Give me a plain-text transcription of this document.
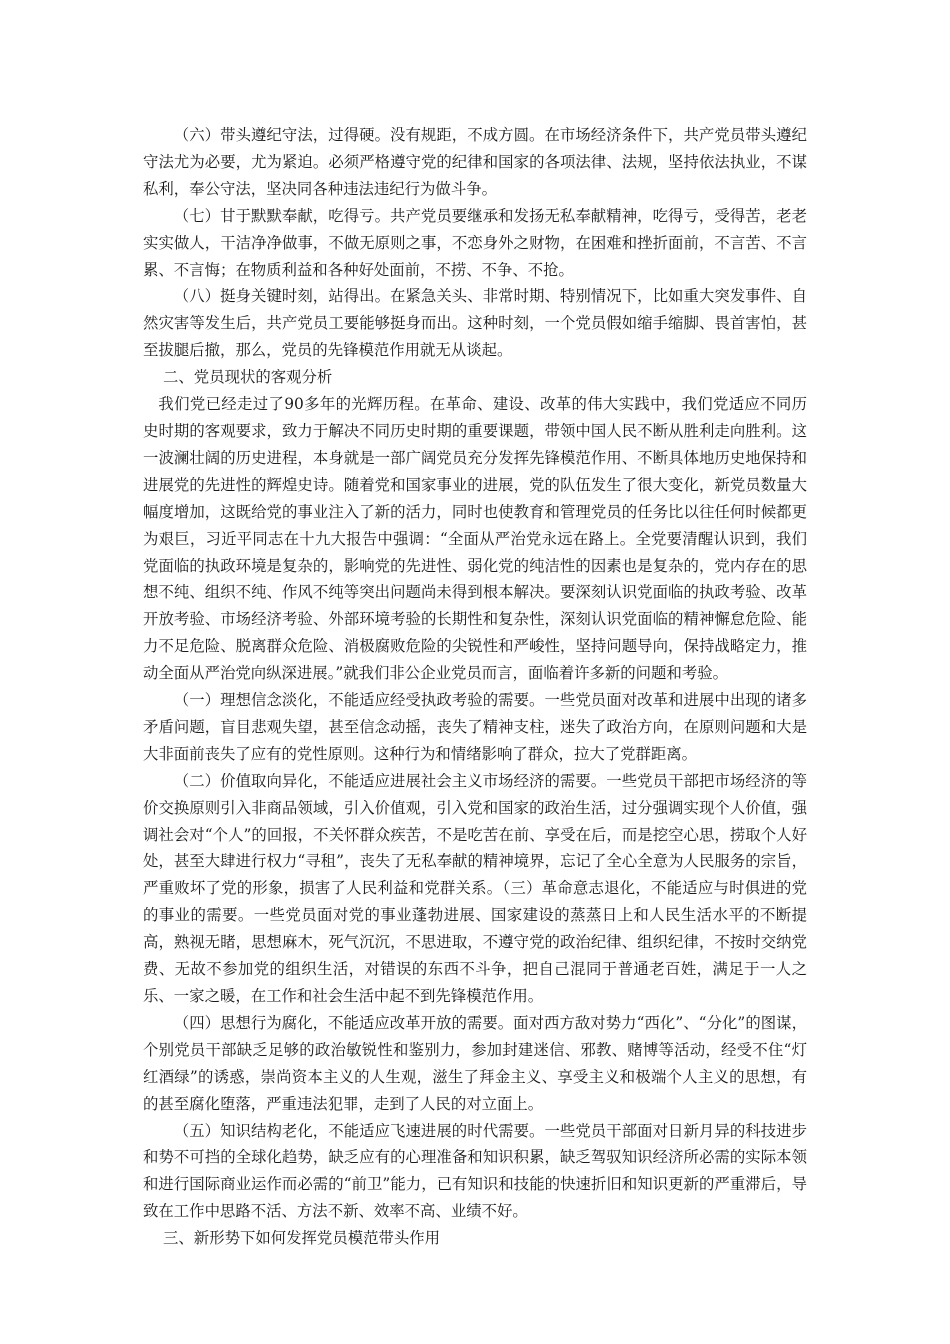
（六）带头遵纪守法，过得硬。没有规距，不成方圆。在市场经济条件下，共产党员带头遵纪守法尤为必要，尤为紧迫。必须严格遵守党的纪律和国家的各项法律、法规，坚持依法执业，不谋私利，奉公守法，坚决同各种违法违纪行为做斗争。

（七）甘于默默奉献，吃得亏。共产党员要继承和发扬无私奉献精神，吃得亏，受得苦，老老实实做人，干洁净净做事，不做无原则之事，不恋身外之财物，在困难和挫折面前，不言苦、不言累、不言悔；在物质利益和各种好处面前，不捞、不争、不抢。

（八）挺身关键时刻，站得出。在紧急关头、非常时期、特别情况下，比如重大突发事件、自然灾害等发生后，共产党员工要能够挺身而出。这种时刻，一个党员假如缩手缩脚、畏首害怕，甚至拔腿后撤，那么，党员的先锋模范作用就无从谈起。

二、党员现状的客观分析

我们党已经走过了90多年的光辉历程。在革命、建设、改革的伟大实践中，我们党适应不同历史时期的客观要求，致力于解决不同历史时期的重要课题，带领中国人民不断从胜利走向胜利。这一波澜壮阔的历史进程，本身就是一部广阔党员充分发挥先锋模范作用、不断具体地历史地保持和进展党的先进性的辉煌史诗。随着党和国家事业的进展，党的队伍发生了很大变化，新党员数量大幅度增加，这既给党的事业注入了新的活力，同时也使教育和管理党员的任务比以往任何时候都更为艰巨，习近平同志在十九大报告中强调：“全面从严治党永远在路上。全党要清醒认识到，我们党面临的执政环境是复杂的，影响党的先进性、弱化党的纯洁性的因素也是复杂的，党内存在的思想不纯、组织不纯、作风不纯等突出问题尚未得到根本解决。要深刻认识党面临的执政考验、改革开放考验、市场经济考验、外部环境考验的长期性和复杂性，深刻认识党面临的精神懈怠危险、能力不足危险、脱离群众危险、消极腐败危险的尖锐性和严峻性，坚持问题导向，保持战略定力，推动全面从严治党向纵深进展。”就我们非公企业党员而言，面临着许多新的问题和考验。

（一）理想信念淡化，不能适应经受执政考验的需要。一些党员面对改革和进展中出现的诸多矛盾问题，盲目悲观失望，甚至信念动摇，丧失了精神支柱，迷失了政治方向，在原则问题和大是大非面前丧失了应有的党性原则。这种行为和情绪影响了群众，拉大了党群距离。

（二）价值取向异化，不能适应进展社会主义市场经济的需要。一些党员干部把市场经济的等价交换原则引入非商品领域，引入价值观，引入党和国家的政治生活，过分强调实现个人价值，强调社会对“个人”的回报，不关怀群众疾苦，不是吃苦在前、享受在后，而是挖空心思，捞取个人好处，甚至大肆进行权力“寻租”，丧失了无私奉献的精神境界，忘记了全心全意为人民服务的宗旨，严重败坏了党的形象，损害了人民利益和党群关系。（三）革命意志退化，不能适应与时俱进的党的事业的需要。一些党员面对党的事业蓬勃进展、国家建设的蒸蒸日上和人民生活水平的不断提高，熟视无睹，思想麻木，死气沉沉，不思进取，不遵守党的政治纪律、组织纪律，不按时交纳党费、无故不参加党的组织生活，对错误的东西不斗争，把自己混同于普通老百姓，满足于一人之乐、一家之暖，在工作和社会生活中起不到先锋模范作用。

（四）思想行为腐化，不能适应改革开放的需要。面对西方敌对势力“西化”、“分化”的图谋，个别党员干部缺乏足够的政治敏锐性和鉴别力，参加封建迷信、邪教、赌博等活动，经受不住“灯红酒绿”的诱惑，崇尚资本主义的人生观，滋生了拜金主义、享受主义和极端个人主义的思想，有的甚至腐化堕落，严重违法犯罪，走到了人民的对立面上。

（五）知识结构老化，不能适应飞速进展的时代需要。一些党员干部面对日新月异的科技进步和势不可挡的全球化趋势，缺乏应有的心理准备和知识积累，缺乏驾驭知识经济所必需的实际本领和进行国际商业运作而必需的“前卫”能力，已有知识和技能的快速折旧和知识更新的严重滞后，导致在工作中思路不活、方法不新、效率不高、业绩不好。

三、新形势下如何发挥党员模范带头作用
